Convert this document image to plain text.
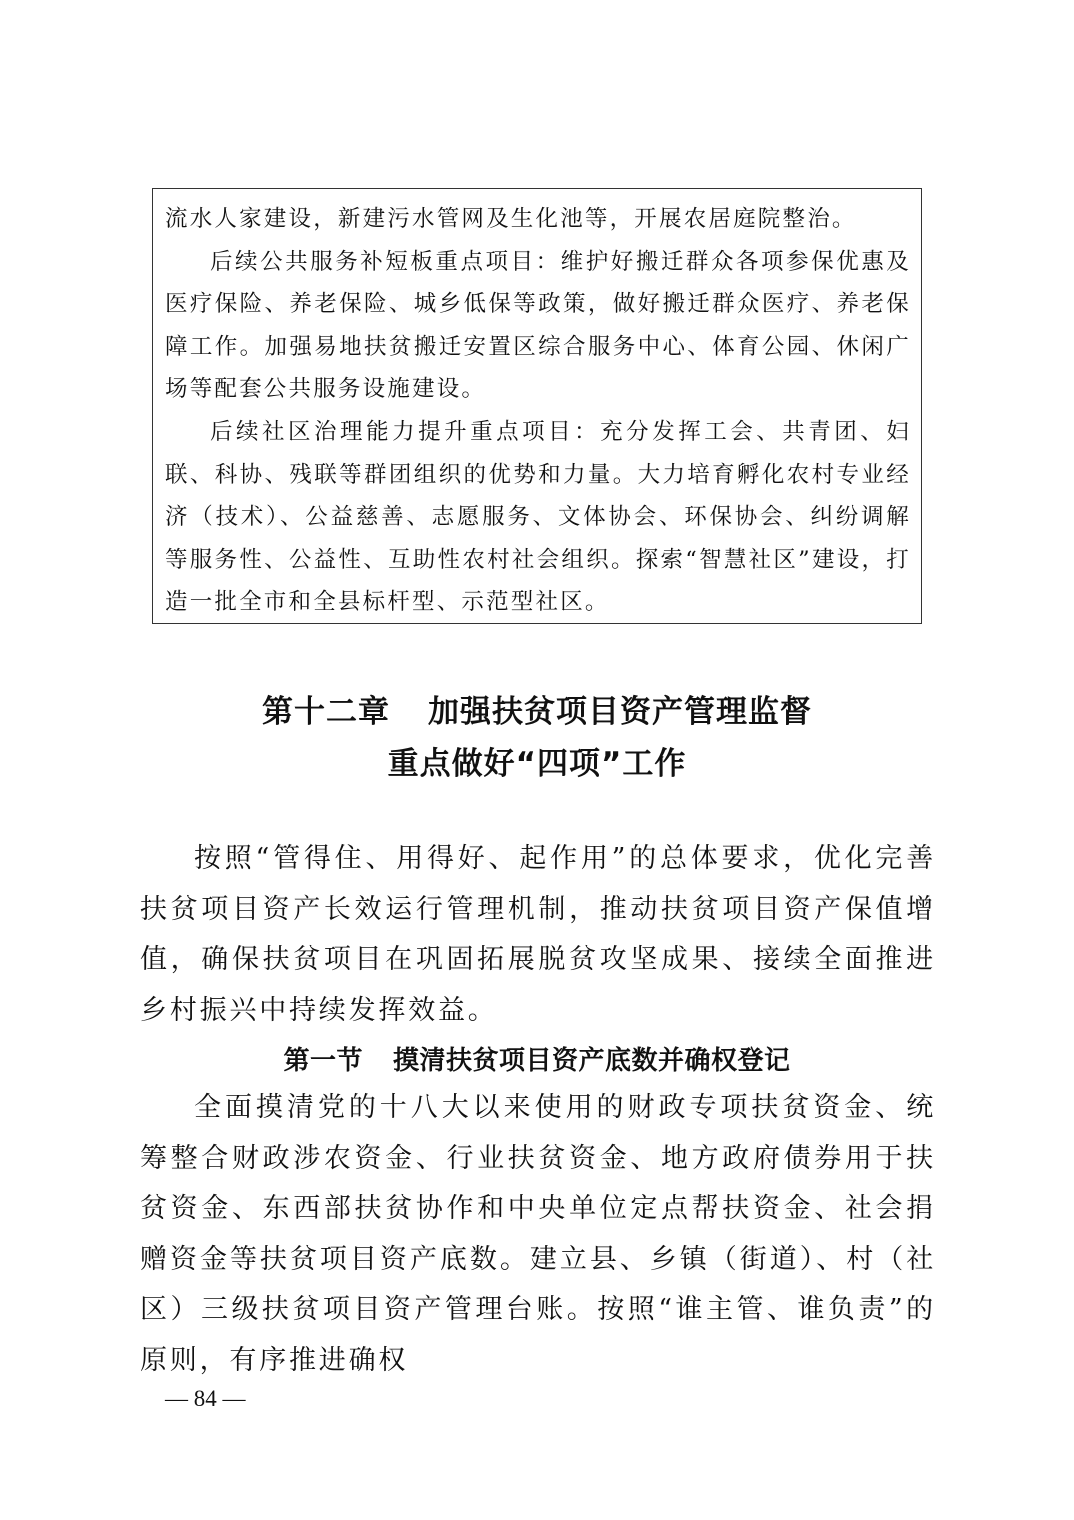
流水人家建设，新建污水管网及生化池等，开展农居庭院整治。

后续公共服务补短板重点项目：维护好搬迁群众各项参保优惠及医疗保险、养老保险、城乡低保等政策，做好搬迁群众医疗、养老保障工作。加强易地扶贫搬迁安置区综合服务中心、体育公园、休闲广场等配套公共服务设施建设。

后续社区治理能力提升重点项目：充分发挥工会、共青团、妇联、科协、残联等群团组织的优势和力量。大力培育孵化农村专业经济（技术）、公益慈善、志愿服务、文体协会、环保协会、纠纷调解等服务性、公益性、互助性农村社会组织。探索“智慧社区”建设，打造一批全市和全县标杆型、示范型社区。

第十二章 加强扶贫项目资产管理监督
重点做好“四项”工作

按照“管得住、用得好、起作用”的总体要求，优化完善扶贫项目资产长效运行管理机制，推动扶贫项目资产保值增值，确保扶贫项目在巩固拓展脱贫攻坚成果、接续全面推进乡村振兴中持续发挥效益。

第一节 摸清扶贫项目资产底数并确权登记

全面摸清党的十八大以来使用的财政专项扶贫资金、统筹整合财政涉农资金、行业扶贫资金、地方政府债券用于扶贫资金、东西部扶贫协作和中央单位定点帮扶资金、社会捐赠资金等扶贫项目资产底数。建立县、乡镇（街道）、村（社区）三级扶贫项目资产管理台账。按照“谁主管、谁负责”的原则，有序推进确权

— 84 —
